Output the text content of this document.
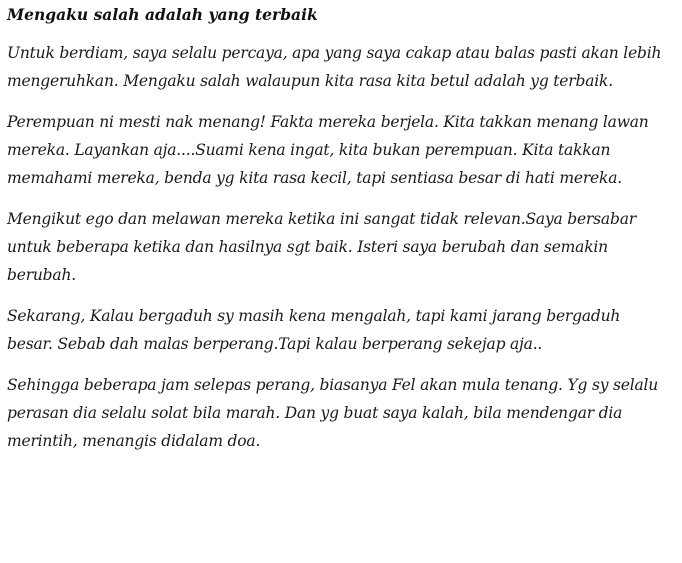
Mengaku salah adalah yang terbaik

Untuk berdiam, saya selalu percaya, apa yang saya cakap atau balas pasti akan lebih mengeruhkan. Mengaku salah walaupun kita rasa kita betul adalah yg terbaik.

Perempuan ni mesti nak menang! Fakta mereka berjela. Kita takkan menang lawan mereka. Layankan aja....Suami kena ingat, kita bukan perempuan. Kita takkan memahami mereka, benda yg kita rasa kecil, tapi sentiasa besar di hati mereka.

Mengikut ego dan melawan mereka ketika ini sangat tidak relevan.Saya bersabar untuk beberapa ketika dan hasilnya sgt baik. Isteri saya berubah dan semakin berubah.

Sekarang, Kalau bergaduh sy masih kena mengalah, tapi kami jarang bergaduh besar. Sebab dah malas berperang.Tapi kalau berperang sekejap aja..

Sehingga beberapa jam selepas perang, biasanya Fel akan mula tenang. Yg sy selalu perasan dia selalu solat bila marah. Dan yg buat saya kalah, bila mendengar dia merintih, menangis didalam doa.
